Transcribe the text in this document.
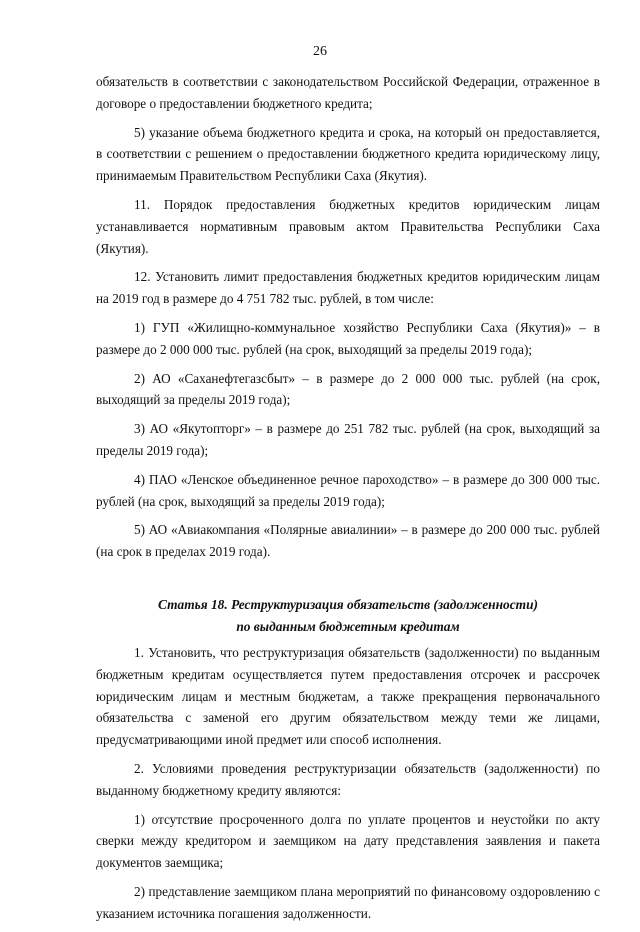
26

обязательств в соответствии с законодательством Российской Федерации, отраженное в договоре о предоставлении бюджетного кредита;

5) указание объема бюджетного кредита и срока, на который он предоставляется, в соответствии с решением о предоставлении бюджетного кредита юридическому лицу, принимаемым Правительством Республики Саха (Якутия).

11. Порядок предоставления бюджетных кредитов юридическим лицам устанавливается нормативным правовым актом Правительства Республики Саха (Якутия).

12. Установить лимит предоставления бюджетных кредитов юридическим лицам на 2019 год в размере до 4 751 782 тыс. рублей, в том числе:

1) ГУП «Жилищно-коммунальное хозяйство Республики Саха (Якутия)» – в размере до 2 000 000 тыс. рублей (на срок, выходящий за пределы 2019 года);

2) АО «Саханефтегазсбыт» – в размере до 2 000 000 тыс. рублей (на срок, выходящий за пределы 2019 года);

3) АО «Якутопторг» – в размере до 251 782 тыс. рублей (на срок, выходящий за пределы 2019 года);

4) ПАО «Ленское объединенное речное пароходство» – в размере до 300 000 тыс. рублей (на срок, выходящий за пределы 2019 года);

5) АО «Авиакомпания «Полярные авиалинии» – в размере до 200 000 тыс. рублей (на срок в пределах 2019 года).

Статья 18. Реструктуризация обязательств (задолженности)
по выданным бюджетным кредитам

1. Установить, что реструктуризация обязательств (задолженности) по выданным бюджетным кредитам осуществляется путем предоставления отсрочек и рассрочек юридическим лицам и местным бюджетам, а также прекращения первоначального обязательства с заменой его другим обязательством между теми же лицами, предусматривающими иной предмет или способ исполнения.

2. Условиями проведения реструктуризации обязательств (задолженности) по выданному бюджетному кредиту являются:

1) отсутствие просроченного долга по уплате процентов и неустойки по акту сверки между кредитором и заемщиком на дату представления заявления и пакета документов заемщика;

2) представление заемщиком плана мероприятий по финансовому оздоровлению с указанием источника погашения задолженности.
